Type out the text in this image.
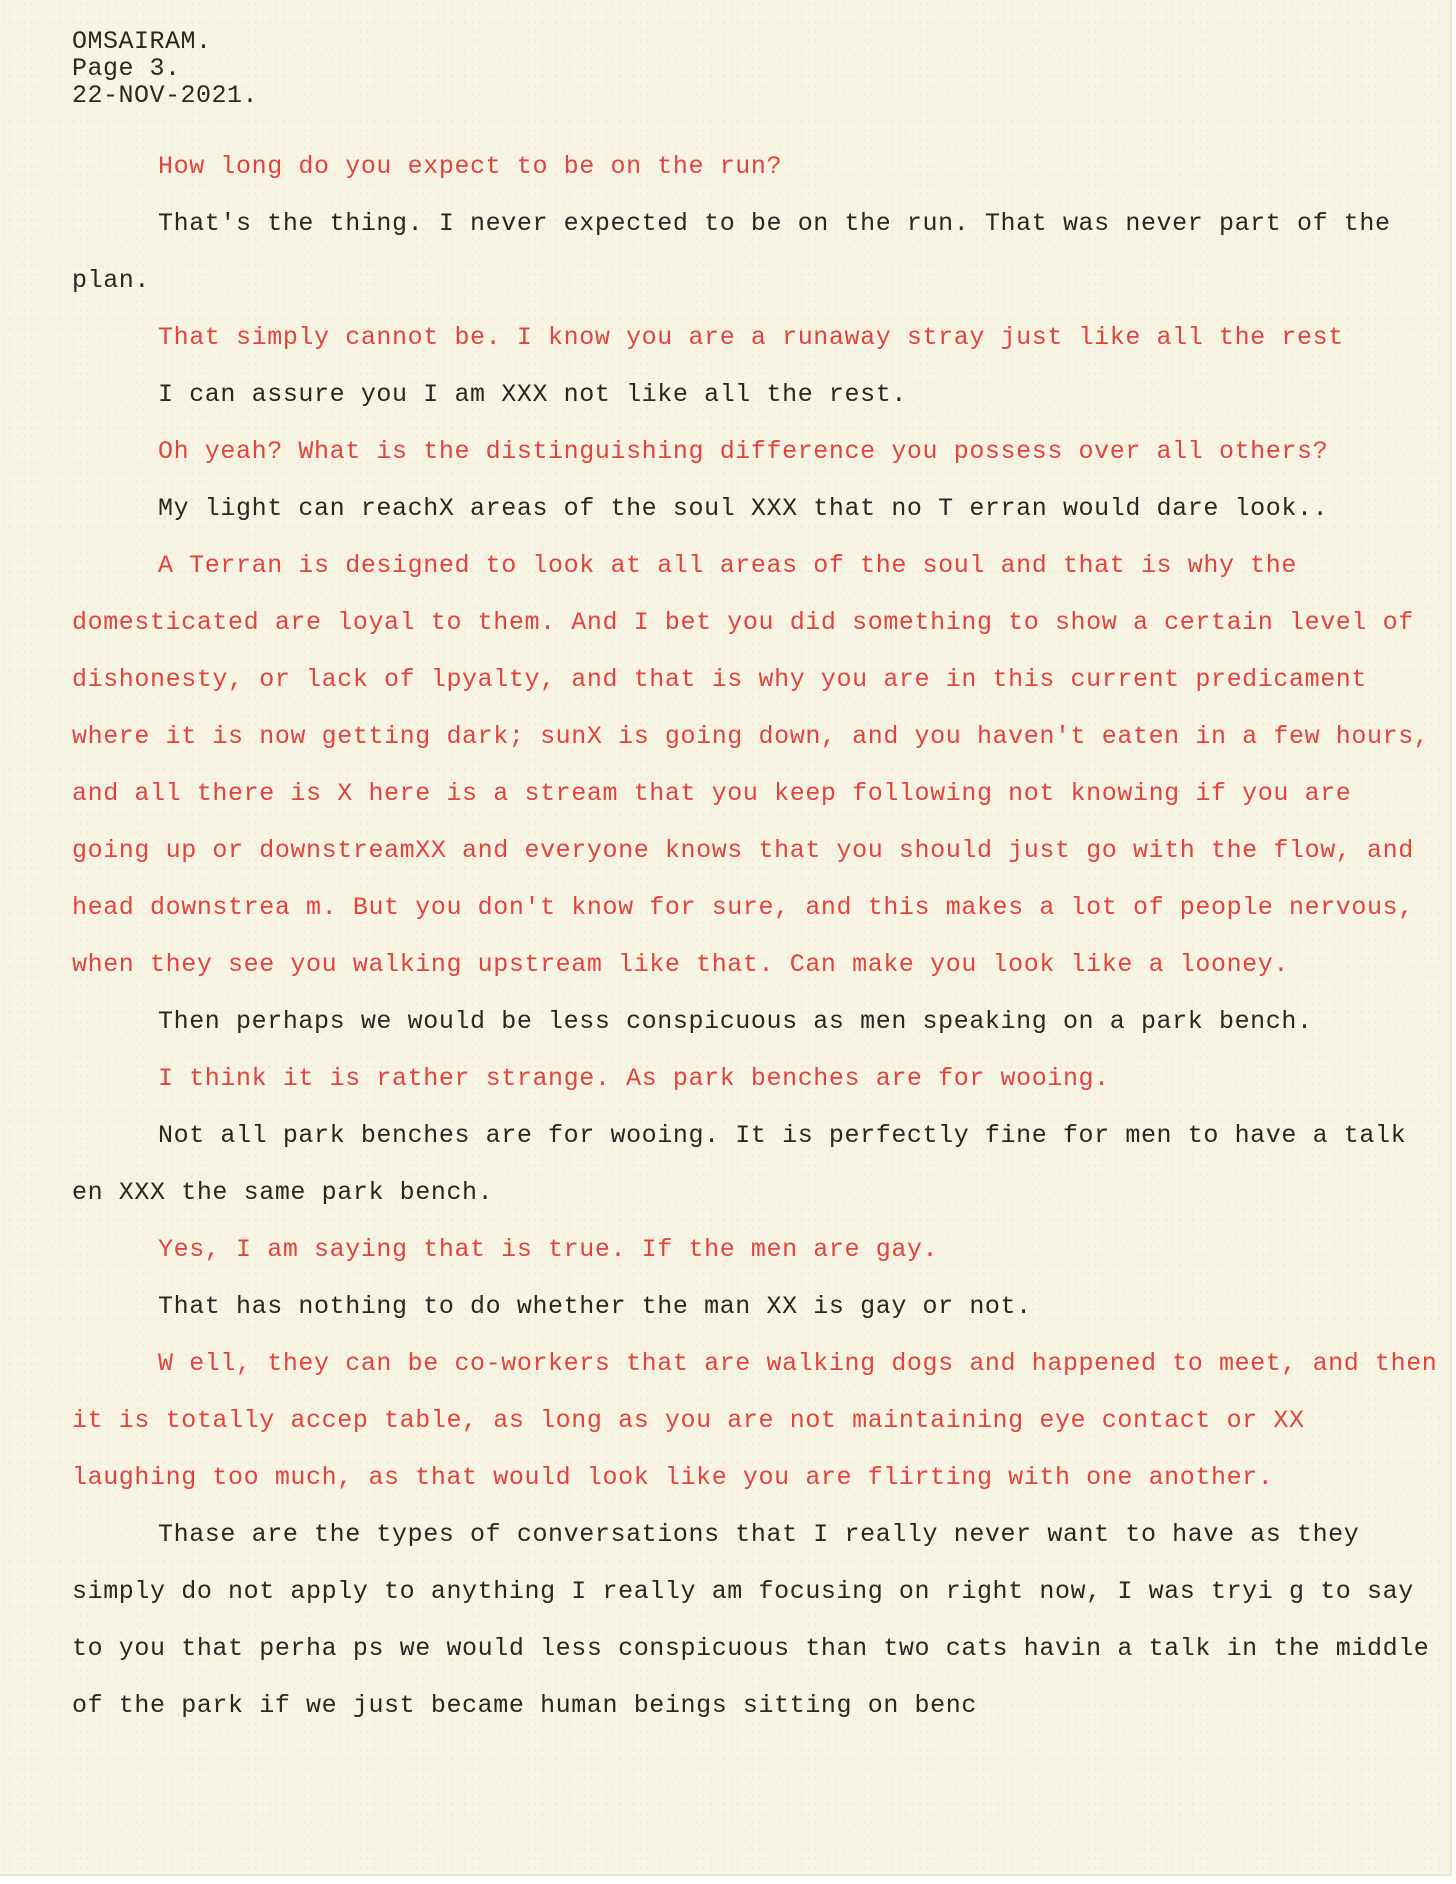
OMSAIRAM.
Page 3.
22-NOV-2021.

How long do you expect to be on the run?

That's the thing. I never expected to be on the run. That was never part of the plan.

That simply cannot be. I know you are a runaway stray just like all the rest

I can assure you I am XXX not like all the rest.

Oh yeah? What is the distinguishing difference you possess over all others?

My light can reachX areas of the soul XXX that no T erran would dare look..

A Terran is designed to look at all areas of the soul and that is why the domesticated are loyal to them. And I bet you did something to show a certain level of dishonesty, or lack of lpyalty, and that is why you are in this current predicament where it is now getting dark; sunX is going down, and you haven't eaten in a few hours, and all there is X here is a stream that you keep following not knowing if you are going up or downstreamXX and everyone knows that you should just go with the flow, and head downstrea m. But you don't know for sure, and this makes a lot of people nervous, when they see you walking upstream like that. Can make you look like a looney.

Then perhaps we would be less conspicuous as men speaking on a park bench.

I think it is rather strange. As park benches are for wooing.

Not all park benches are for wooing. It is perfectly fine for men to have a talk en XXX the same park bench.

Yes, I am saying that is true. If the men are gay.

That has nothing to do whether the man XX is gay or not.

W ell, they can be co-workers that are walking dogs and happened to meet, and then it is totally accep table, as long as you are not maintaining eye contact or XX laughing too much, as that would look like you are flirting with one another.

Thase are the types of conversations that I really never want to have as they simply do not apply to anything I really am focusing on right now, I was tryi g to say to you that perha ps we would less conspicuous than two cats havin a talk in the middle of the park if we just became human beings sitting on benc
